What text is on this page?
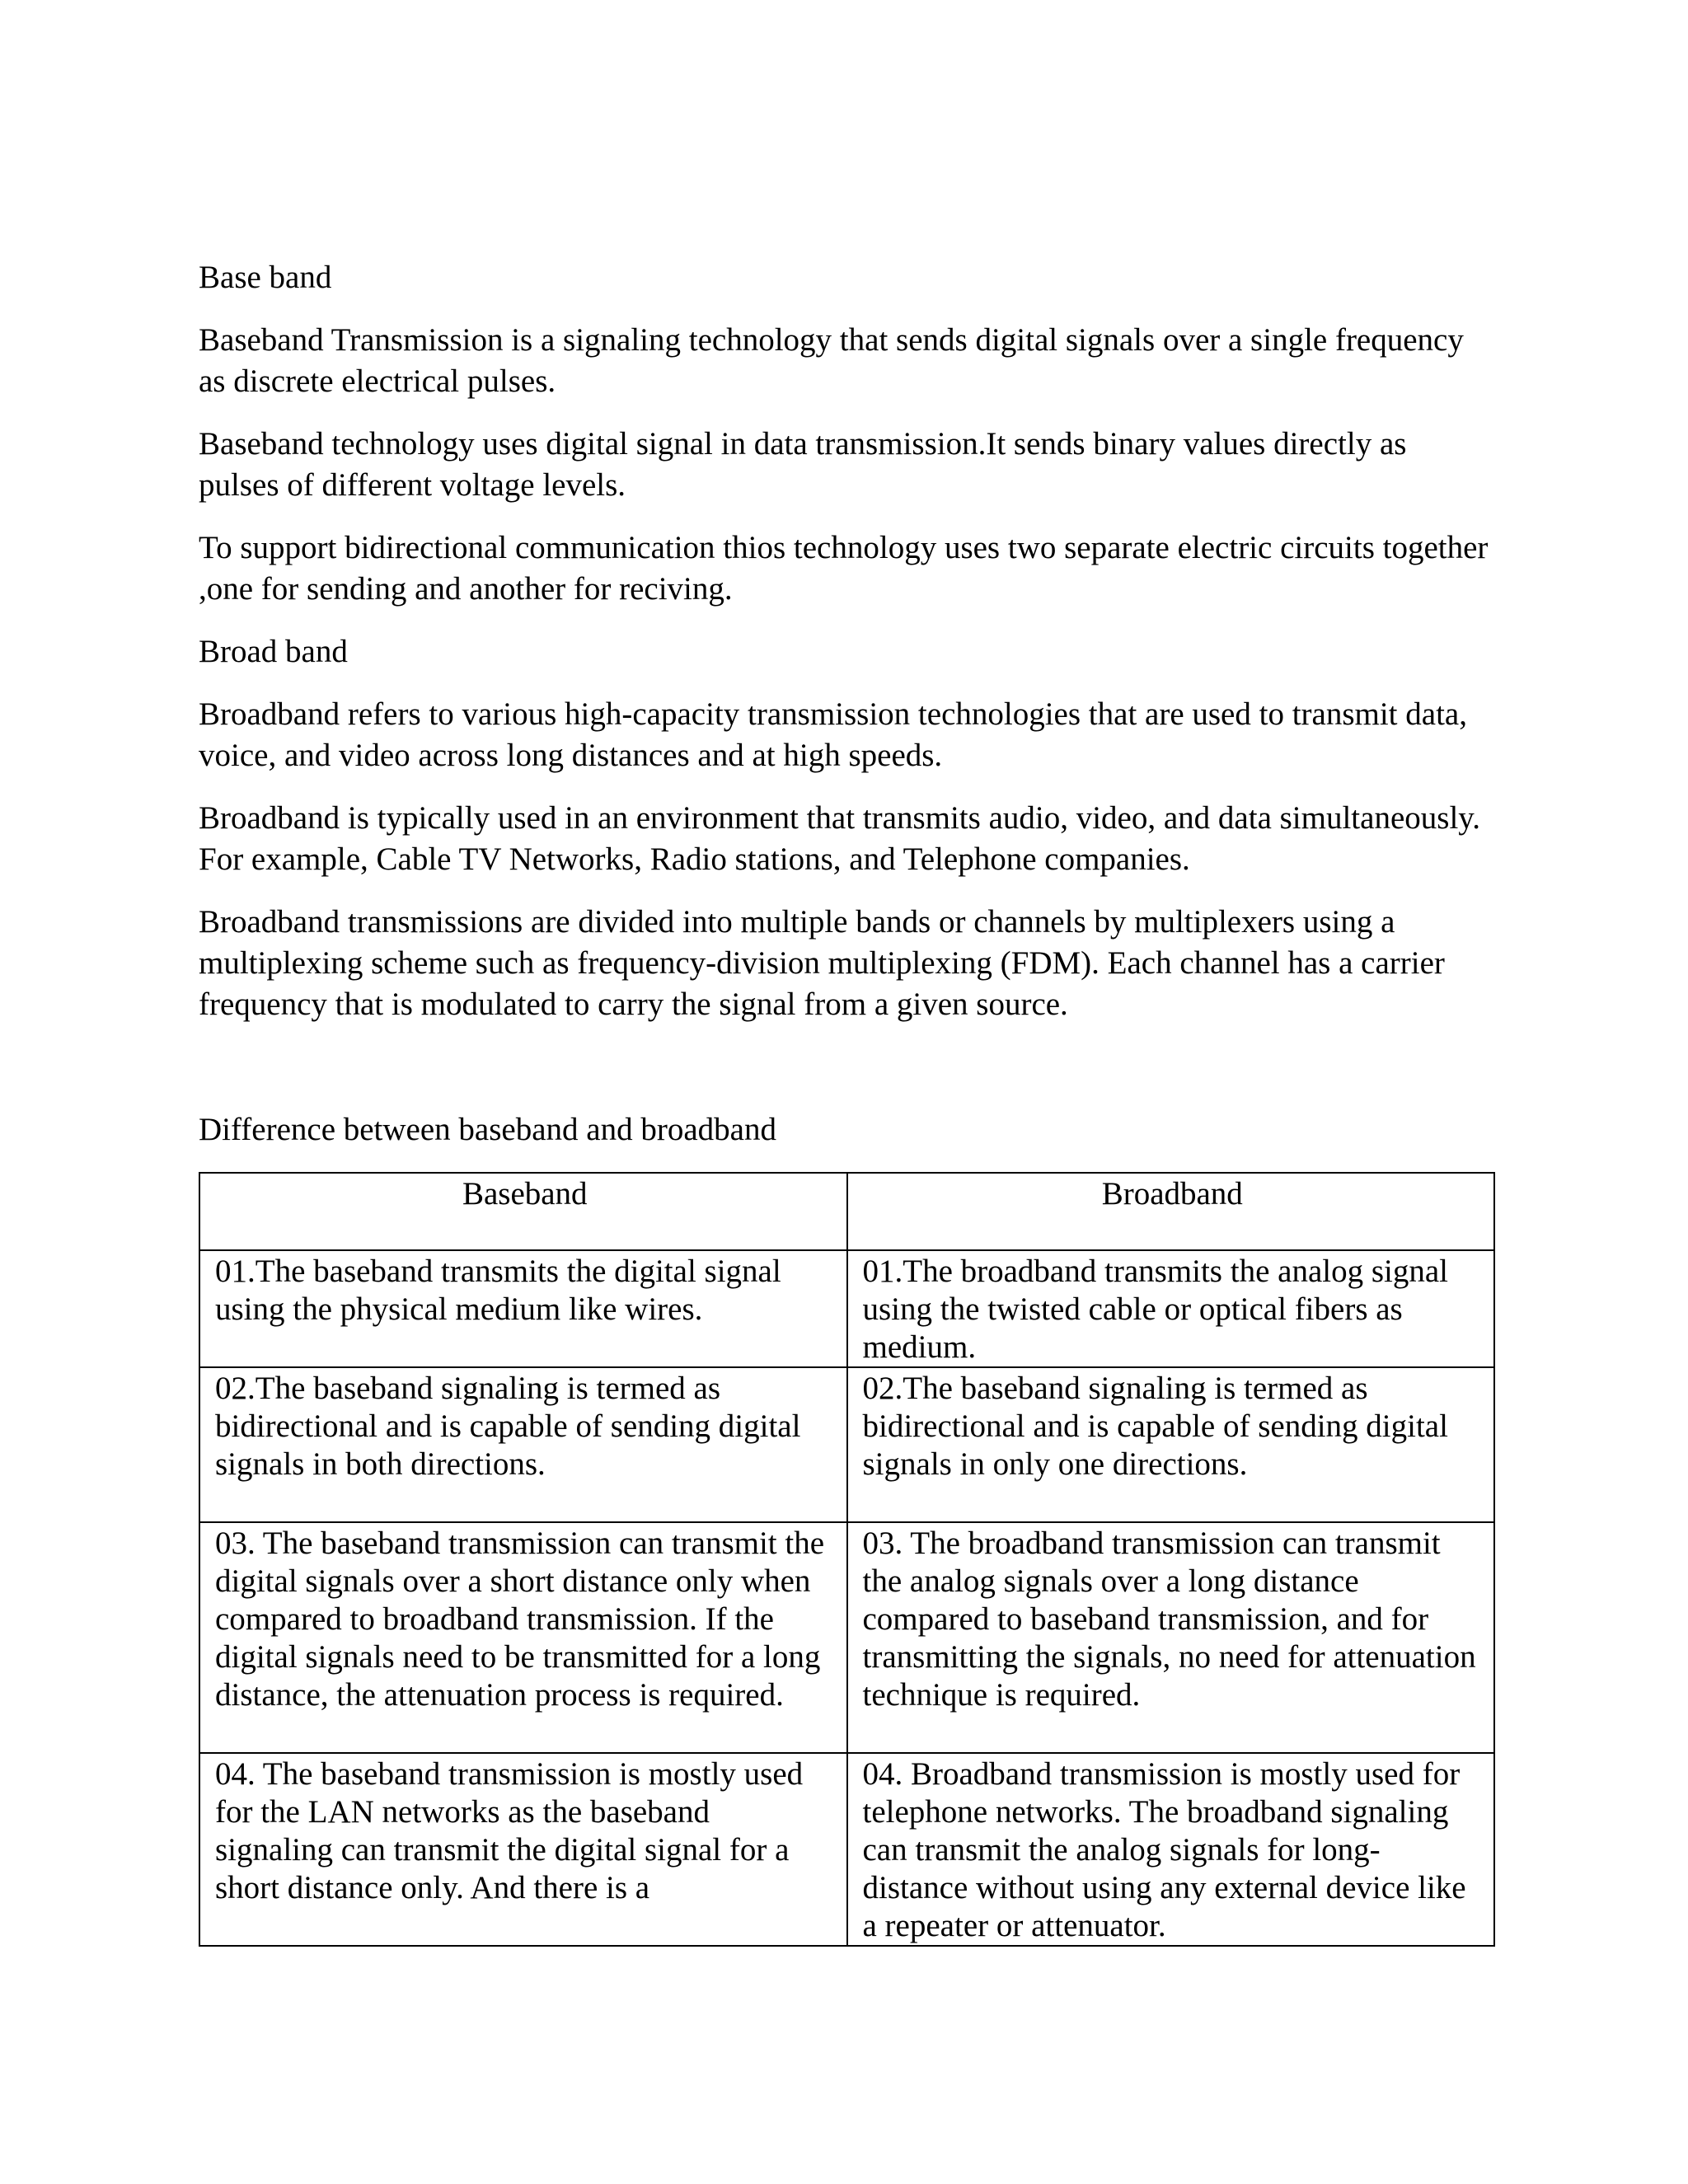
Base band

Baseband Transmission is a signaling technology that sends digital signals over a single frequency as discrete electrical pulses.

Baseband technology uses digital signal in data transmission.It sends binary values directly as pulses of different voltage levels.

To support bidirectional communication thios technology uses two separate electric circuits together ,one for sending and another for reciving.

Broad band

Broadband refers to various high-capacity transmission technologies that are used to transmit data, voice, and video across long distances and at high speeds.

Broadband is typically used in an environment that transmits audio, video, and data simultaneously. For example, Cable TV Networks, Radio stations, and Telephone companies.

Broadband transmissions are divided into multiple bands or channels by multiplexers using a multiplexing scheme such as frequency-division multiplexing (FDM). Each channel has a carrier frequency that is modulated to carry the signal from a given source.

Difference between baseband and broadband

Baseband	Broadband
01.The baseband transmits the digital signal using the physical medium like wires.	01.The broadband transmits the analog signal using the twisted cable or optical fibers as medium.
02.The baseband signaling is termed as bidirectional and is capable of sending digital signals in both directions.	02.The baseband signaling is termed as bidirectional and is capable of sending digital signals in only one directions.
03. The baseband transmission can transmit the digital signals over a short distance only when compared to broadband transmission. If the digital signals need to be transmitted for a long distance, the attenuation process is required.	03. The broadband transmission can transmit the analog signals over a long distance compared to baseband transmission, and for transmitting the signals, no need for attenuation technique is required.
04. The baseband transmission is mostly used for the LAN networks as the baseband signaling can transmit the digital signal for a short distance only. And there is a	04. Broadband transmission is mostly used for telephone networks. The broadband signaling can transmit the analog signals for long-distance without using any external device like a repeater or attenuator.
